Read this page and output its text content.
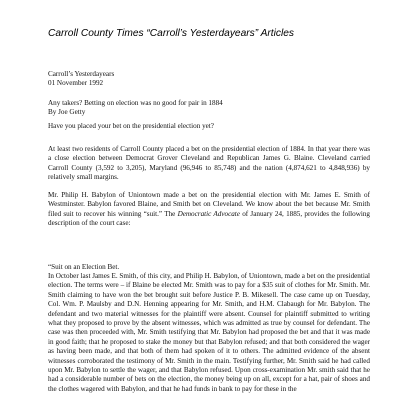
Carroll County Times “Carroll’s Yesterdayears” Articles
Carroll’s Yesterdayears
01 November 1992
Any takers? Betting on election was no good for pair in 1884
By Joe Getty
Have you placed your bet on the presidential election yet?
At least two residents of Carroll County placed a bet on the presidential election of 1884. In that year there was a close election between Democrat Grover Cleveland and Republican James G. Blaine. Cleveland carried Carroll County (3,592 to 3,205), Maryland (96,946 to 85,748) and the nation (4,874,621 to 4,848,936) by relatively small margins.
Mr. Philip H. Babylon of Uniontown made a bet on the presidential election with Mr. James E. Smith of Westminster. Babylon favored Blaine, and Smith bet on Cleveland. We know about the bet because Mr. Smith filed suit to recover his winning “suit.” The Democratic Advocate of January 24, 1885, provides the following description of the court case:
“Suit on an Election Bet.
In October last James E. Smith, of this city, and Philip H. Babylon, of Uniontown, made a bet on the presidential election. The terms were – if Blaine be elected Mr. Smith was to pay for a $35 suit of clothes for Mr. Smith. Mr. Smith claiming to have won the bet brought suit before Justice P. B. Mikesell. The case came up on Tuesday, Col. Wm. P. Maulsby and D.N. Henning appearing for Mr. Smith, and H.M. Clabaugh for Mr. Babylon. The defendant and two material witnesses for the plaintiff were absent. Counsel for plaintiff submitted to writing what they proposed to prove by the absent witnesses, which was admitted as true by counsel for defendant. The case was then proceeded with, Mr. Smith testifying that Mr. Babylon had proposed the bet and that it was made in good faith; that he proposed to stake the money but that Babylon refused; and that both considered the wager as having been made, and that both of them had spoken of it to others. The admitted evidence of the absent witnesses corroborated the testimony of Mr. Smith in the main. Testifying further, Mr. Smith said he had called upon Mr. Babylon to settle the wager, and that Babylon refused. Upon cross-examination Mr. smith said that he had a considerable number of bets on the election, the money being up on all, except for a hat, pair of shoes and the clothes wagered with Babylon, and that he had funds in bank to pay for these in the
